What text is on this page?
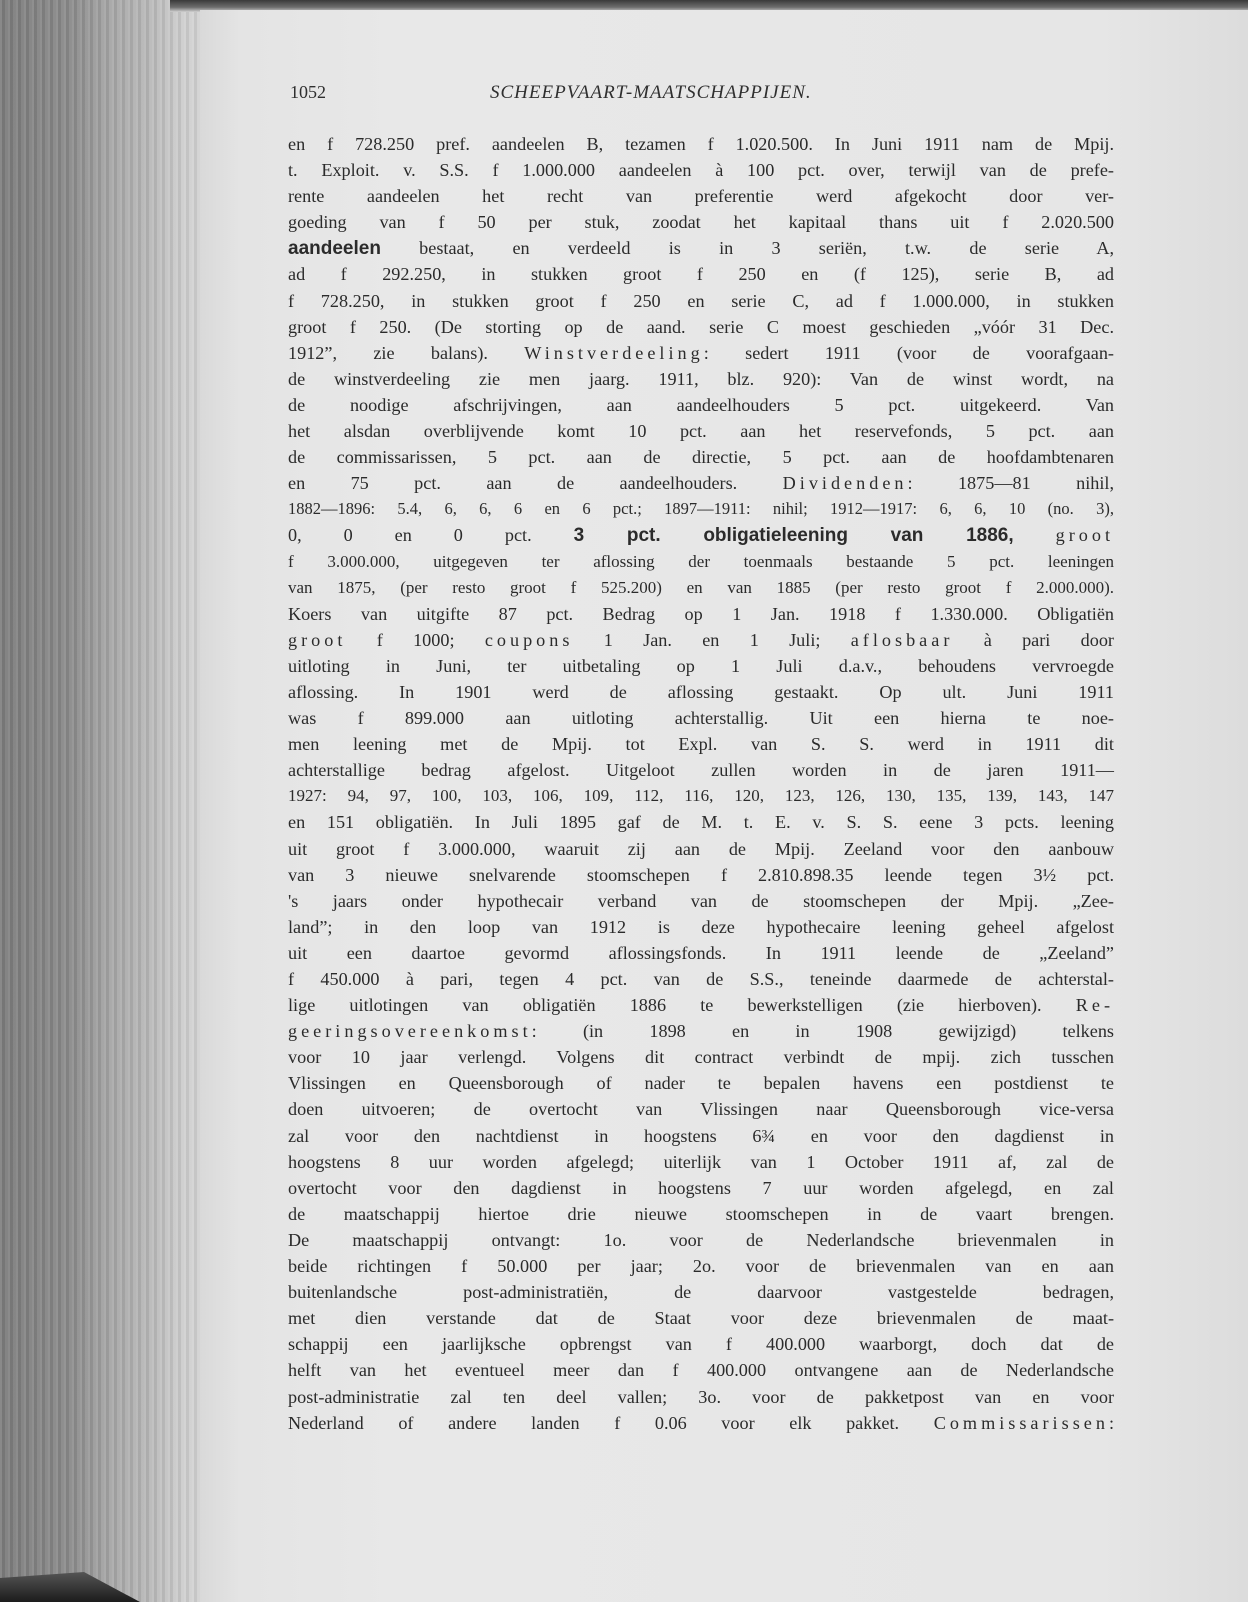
1052	SCHEEPVAART-MAATSCHAPPIJEN.
en f 728.250 pref. aandeelen B, tezamen f 1.020.500. In Juni 1911 nam de Mpij.
t. Exploit. v. S.S. f 1.000.000 aandeelen à 100 pct. over, terwijl van de prefe-
rente aandeelen het recht van preferentie werd afgekocht door ver-
goeding van f 50 per stuk, zoodat het kapitaal thans uit f 2.020.500
aandeelen bestaat, en verdeeld is in 3 seriën, t.w. de serie A,
ad f 292.250, in stukken groot f 250 en (f 125), serie B, ad
f 728.250, in stukken groot f 250 en serie C, ad f 1.000.000, in stukken
groot f 250. (De storting op de aand. serie C moest geschieden „vóór 31 Dec.
1912”, zie balans). Winstverdeeling: sedert 1911 (voor de voorafgaan-
de winstverdeeling zie men jaarg. 1911, blz. 920): Van de winst wordt, na
de noodige afschrijvingen, aan aandeelhouders 5 pct. uitgekeerd. Van
het alsdan overblijvende komt 10 pct. aan het reservefonds, 5 pct. aan
de commissarissen, 5 pct. aan de directie, 5 pct. aan de hoofdambtenaren
en 75 pct. aan de aandeelhouders. Dividenden: 1875—81 nihil,
1882—1896: 5.4, 6, 6, 6 en 6 pct.; 1897—1911: nihil; 1912—1917: 6, 6, 10 (no. 3),
0, 0 en 0 pct. 3 pct. obligatieleening van 1886, groot
f 3.000.000, uitgegeven ter aflossing der toenmaals bestaande 5 pct. leeningen
van 1875, (per resto groot f 525.200) en van 1885 (per resto groot f 2.000.000).
Koers van uitgifte 87 pct. Bedrag op 1 Jan. 1918 f 1.330.000. Obligatiën
groot f 1000; coupons 1 Jan. en 1 Juli; aflosbaar à pari door
uitloting in Juni, ter uitbetaling op 1 Juli d.a.v., behoudens vervroegde
aflossing. In 1901 werd de aflossing gestaakt. Op ult. Juni 1911
was f 899.000 aan uitloting achterstallig. Uit een hierna te noe-
men leening met de Mpij. tot Expl. van S. S. werd in 1911 dit
achterstallige bedrag afgelost. Uitgeloot zullen worden in de jaren 1911—
1927: 94, 97, 100, 103, 106, 109, 112, 116, 120, 123, 126, 130, 135, 139, 143, 147
en 151 obligatiën. In Juli 1895 gaf de M. t. E. v. S. S. eene 3 pcts. leening
uit groot f 3.000.000, waaruit zij aan de Mpij. Zeeland voor den aanbouw
van 3 nieuwe snelvarende stoomschepen f 2.810.898.35 leende tegen 3½ pct.
's jaars onder hypothecair verband van de stoomschepen der Mpij. „Zee-
land”; in den loop van 1912 is deze hypothecaire leening geheel afgelost
uit een daartoe gevormd aflossingsfonds. In 1911 leende de „Zeeland”
f 450.000 à pari, tegen 4 pct. van de S.S., teneinde daarmede de achterstal-
lige uitlotingen van obligatiën 1886 te bewerkstelligen (zie hierboven). Re-
geeringsovereenkomst: (in 1898 en in 1908 gewijzigd) telkens
voor 10 jaar verlengd. Volgens dit contract verbindt de mpij. zich tusschen
Vlissingen en Queensborough of nader te bepalen havens een postdienst te
doen uitvoeren; de overtocht van Vlissingen naar Queensborough vice-versa
zal voor den nachtdienst in hoogstens 6¾ en voor den dagdienst in
hoogstens 8 uur worden afgelegd; uiterlijk van 1 October 1911 af, zal de
overtocht voor den dagdienst in hoogstens 7 uur worden afgelegd, en zal
de maatschappij hiertoe drie nieuwe stoomschepen in de vaart brengen.
De maatschappij ontvangt: 1o. voor de Nederlandsche brievenmalen in
beide richtingen f 50.000 per jaar; 2o. voor de brievenmalen van en aan
buitenlandsche post-administratiën, de daarvoor vastgestelde bedragen,
met dien verstande dat de Staat voor deze brievenmalen de maat-
schappij een jaarlijksche opbrengst van f 400.000 waarborgt, doch dat de
helft van het eventueel meer dan f 400.000 ontvangene aan de Nederlandsche
post-administratie zal ten deel vallen; 3o. voor de pakketpost van en voor
Nederland of andere landen f 0.06 voor elk pakket. Commissarissen:
